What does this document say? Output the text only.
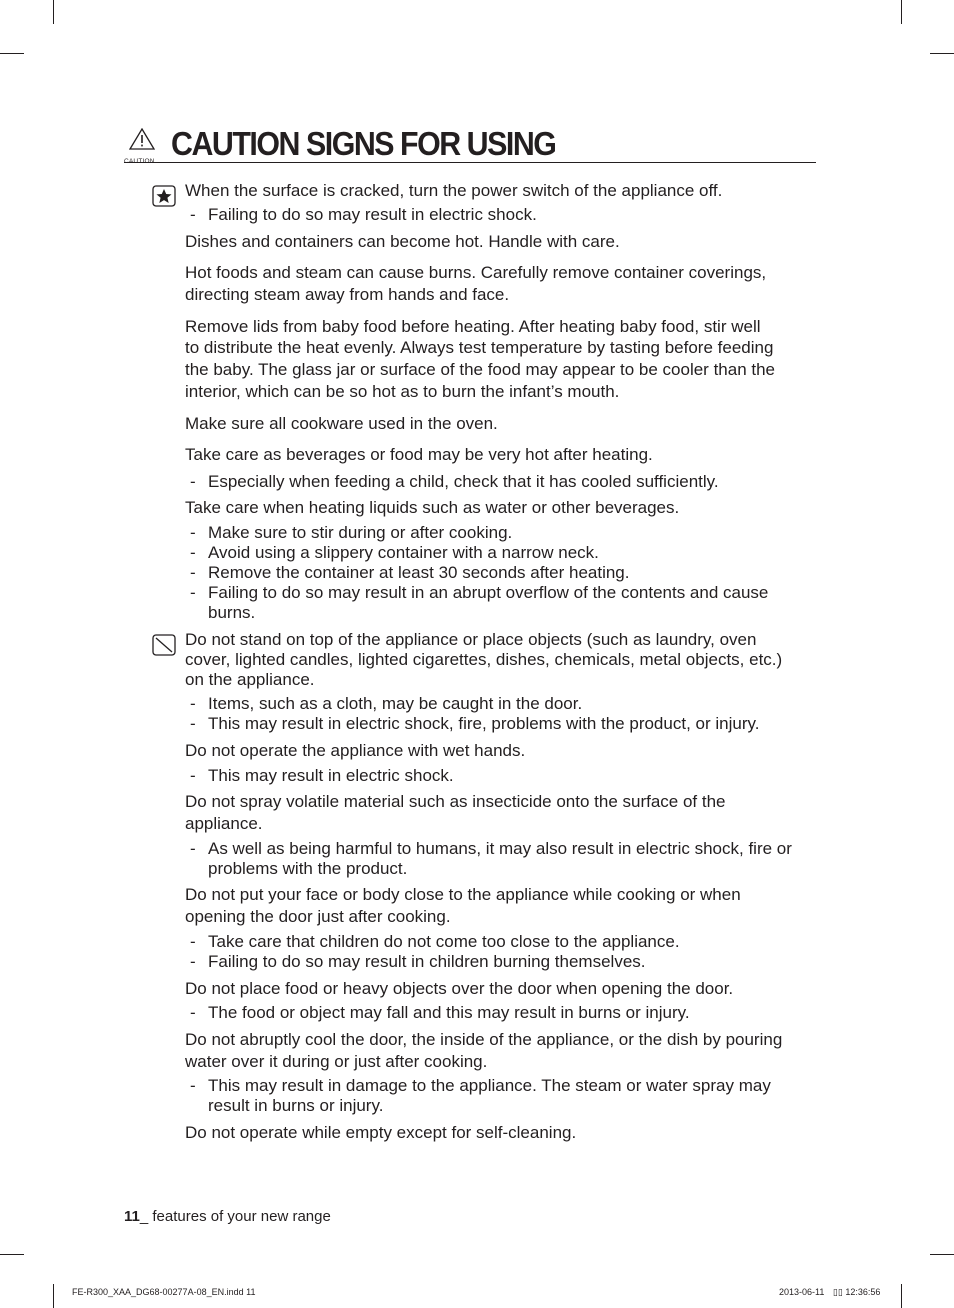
CAUTION CAUTION SIGNS FOR USING
When the surface is cracked, turn the power switch of the appliance off.
- Failing to do so may result in electric shock.
Dishes and containers can become hot. Handle with care.
Hot foods and steam can cause burns. Carefully remove container coverings,
directing steam away from hands and face.
Remove lids from baby food before heating. After heating baby food, stir well
to distribute the heat evenly. Always test temperature by tasting before feeding
the baby. The glass jar or surface of the food may appear to be cooler than the
interior, which can be so hot as to burn the infant’s mouth.
Make sure all cookware used in the oven.
Take care as beverages or food may be very hot after heating.
- Especially when feeding a child, check that it has cooled sufficiently.
Take care when heating liquids such as water or other beverages.
- Make sure to stir during or after cooking.
- Avoid using a slippery container with a narrow neck.
- Remove the container at least 30 seconds after heating.
- Failing to do so may result in an abrupt overflow of the contents and cause
burns.
Do not stand on top of the appliance or place objects (such as laundry, oven
cover, lighted candles, lighted cigarettes, dishes, chemicals, metal objects, etc.)
on the appliance.
- Items, such as a cloth, may be caught in the door.
- This may result in electric shock, fire, problems with the product, or injury.
Do not operate the appliance with wet hands.
- This may result in electric shock.
Do not spray volatile material such as insecticide onto the surface of the
appliance.
- As well as being harmful to humans, it may also result in electric shock, fire or
problems with the product.
Do not put your face or body close to the appliance while cooking or when
opening the door just after cooking.
- Take care that children do not come too close to the appliance.
- Failing to do so may result in children burning themselves.
Do not place food or heavy objects over the door when opening the door.
- The food or object may fall and this may result in burns or injury.
Do not abruptly cool the door, the inside of the appliance, or the dish by pouring
water over it during or just after cooking.
- This may result in damage to the appliance. The steam or water spray may
result in burns or injury.
Do not operate while empty except for self-cleaning.
11_ features of your new range
FE-R300_XAA_DG68-00277A-08_EN.indd 11	2013-06-11 ▯▯ 12:36:56
